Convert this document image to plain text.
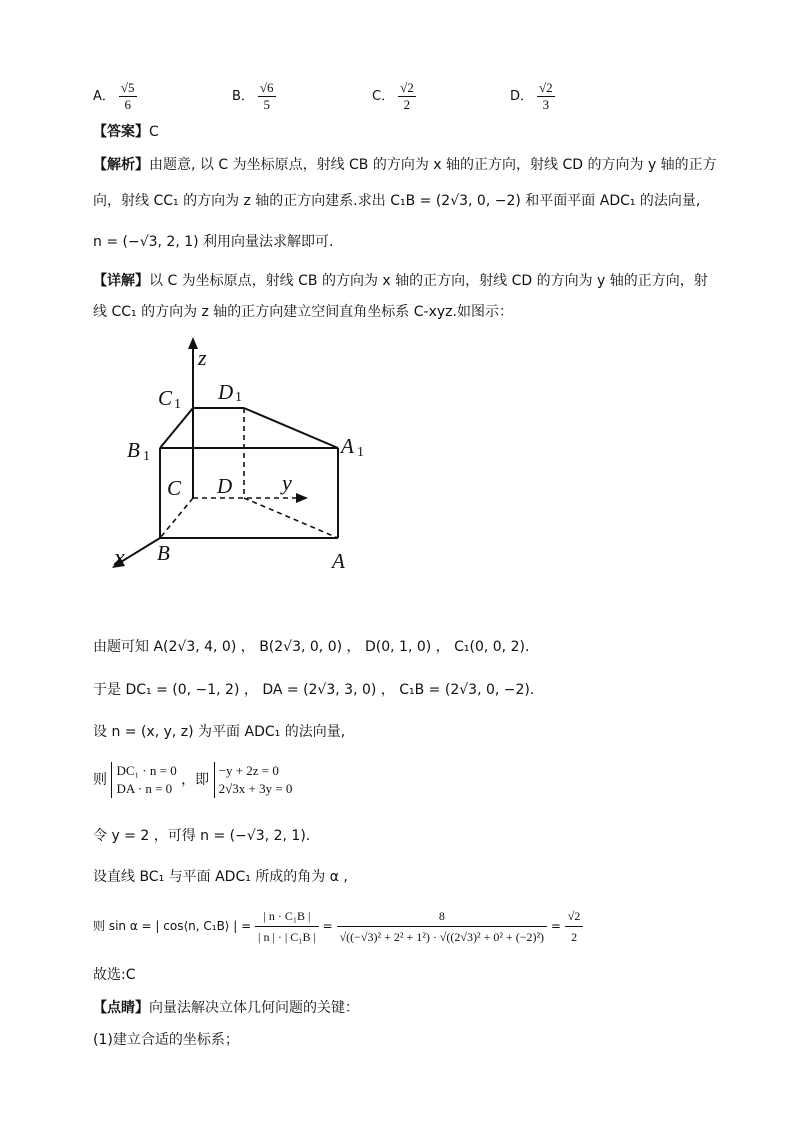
A． $\frac{√5}{6}$	B． $\frac{√6}{5}$	C． $\frac{√2}{2}$	D． $\frac{√2}{3}$
【答案】C
【解析】由题意, 以 C 为坐标原点，射线 CB 的方向为 x 轴的正方向，射线 CD 的方向为 y 轴的正方
向，射线 CC₁ 的方向为 z 轴的正方向建系.求出 C₁B = (2√3, 0, −2) 和平面平面 ADC₁ 的法向量,
n = (−√3, 2, 1) 利用向量法求解即可.
【详解】以 C 为坐标原点，射线 CB 的方向为 x 轴的正方向，射线 CD 的方向为 y 轴的正方向，射
线 CC₁ 的方向为 z 轴的正方向建立空间直角坐标系 C-xyz.如图示：
z
y
x
C D
B	A
C D
B	A
1	1
1	1
由题可知 A(2√3, 4, 0) ， B(2√3, 0, 0) ， D(0, 1, 0) ， C₁(0, 0, 2).
于是 DC₁ = (0, −1, 2) ， DA = (2√3, 3, 0) ， C₁B = (2√3, 0, −2).
设 n = (x, y, z) 为平面 ADC₁ 的法向量,
则
DC₁ · n = 0
DA · n = 0
，即
−y + 2z = 0
2√3x + 3y = 0
令 y = 2 ，可得 n = (−√3, 2, 1).
设直线 BC₁ 与平面 ADC₁ 所成的角为 α ,
则 sin α = | cos⟨n, C₁B⟩ | = $\frac{\text{| n · C₁B |}}{\text{| n | · | C₁B |}} = \frac{8}{\text{√((−√3)² + 2² + 1²) · √((2√3)² + 0² + (−2)²)}} = \frac{√2}{2}$
故选:C
【点睛】向量法解决立体几何问题的关键：
(1)建立合适的坐标系；
